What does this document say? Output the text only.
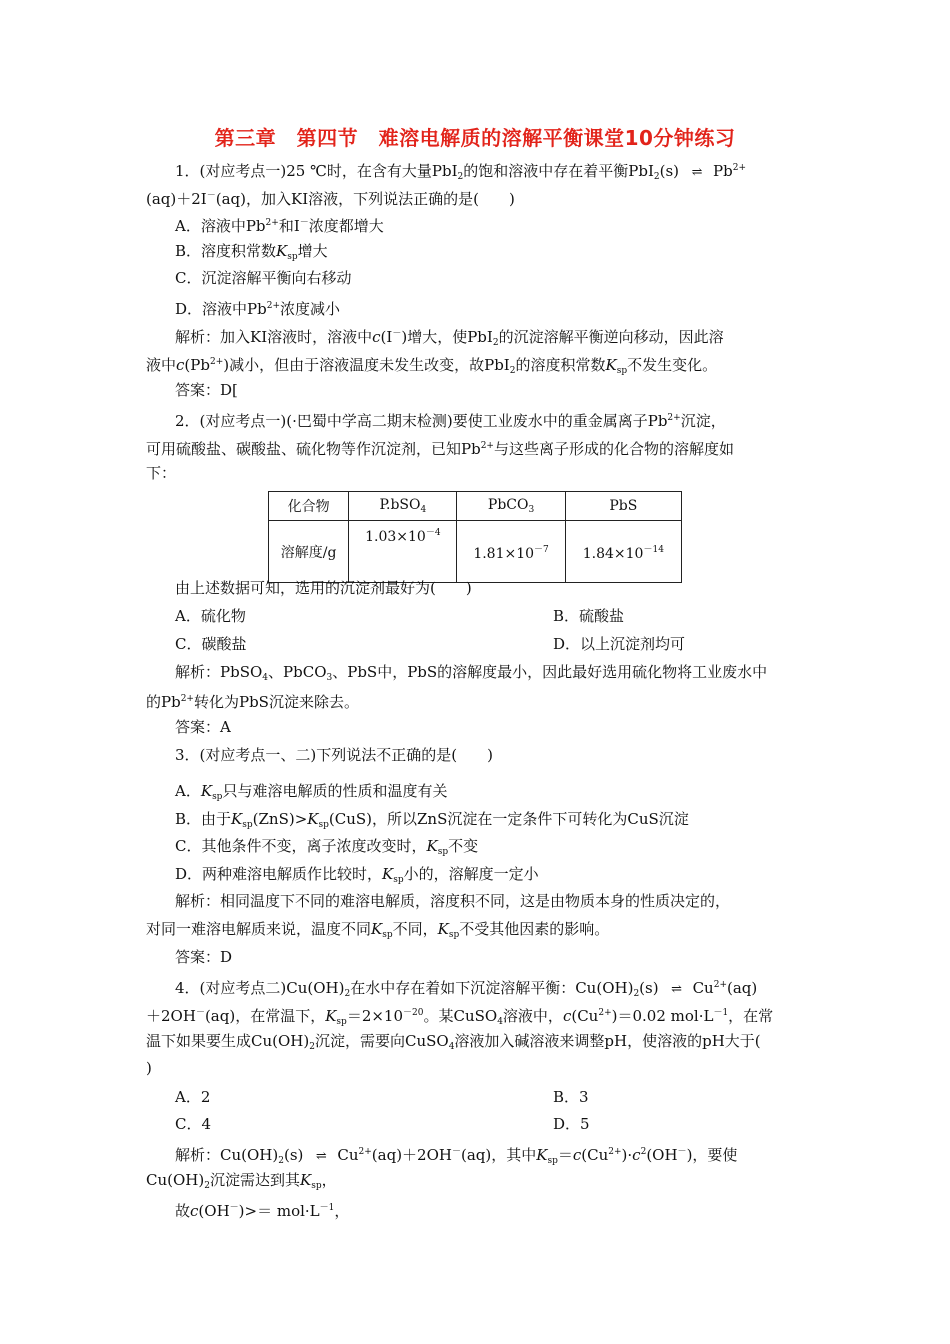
第三章　第四节　难溶电解质的溶解平衡课堂10分钟练习
1．(对应考点一)25 ℃时，在含有大量PbI$_2$的饱和溶液中存在着平衡PbI$_2$(s) ⇌ $Pb^{2+}$
(aq)＋2I－(aq)，加入KI溶液，下列说法正确的是(　　)
A．溶液中$Pb^{2+}$和I－浓度都增大
B．溶度积常数$K_{sp}$增大
C．沉淀溶解平衡向右移动
D．溶液中$Pb^{2+}$浓度减小
解析：加入KI溶液时，溶液中c(I－)增大，使PbI$_2$的沉淀溶解平衡逆向移动，因此溶
液中$c(Pb^{2+})$减小，但由于溶液温度未发生改变，故PbI$_2$的溶度积常数$K_{sp}$不发生变化。
答案：D[
2．(对应考点一)(·巴蜀中学高二期末检测)要使工业废水中的重金属离子$Pb^{2+}$沉淀，
可用硫酸盐、碳酸盐、硫化物等作沉淀剂，已知$Pb^{2+}$与这些离子形成的化合物的溶解度如
下：
化合物	P.bSO$_4$	PbCO$_3$	PbS
溶解度/g	$1.03\times 10^{-4}$	$1.81\times 10^{-7}$	$1.84\times 10^{-14}$
由上述数据可知，选用的沉淀剂最好为(　　)
A．硫化物	B．硫酸盐
C．碳酸盐	D．以上沉淀剂均可
解析：PbSO$_4$、PbCO$_3$、PbS中，PbS的溶解度最小，因此最好选用硫化物将工业废水中
的$Pb^{2+}$转化为PbS沉淀来除去。
答案：A
3．(对应考点一、二)下列说法不正确的是(　　)
A．$K_{sp}$只与难溶电解质的性质和温度有关
B．由于$K_{sp}(ZnS)>K_{sp}(CuS)$，所以ZnS沉淀在一定条件下可转化为CuS沉淀
C．其他条件不变，离子浓度改变时，$K_{sp}$不变
D．两种难溶电解质作比较时，$K_{sp}$小的，溶解度一定小
解析：相同温度下不同的难溶电解质，溶度积不同，这是由物质本身的性质决定的，
对同一难溶电解质来说，温度不同$K_{sp}$不同，$K_{sp}$不受其他因素的影响。
答案：D
4．(对应考点二)$Cu(OH)_2$在水中存在着如下沉淀溶解平衡：$Cu(OH)_2(s)$ ⇌ $Cu^{2+}(aq)$
＋2OH－(aq)，在常温下，$K_{sp}=2\times 10^{-20}$。某CuSO$_4$溶液中，$c(Cu^{2+})=0.02$ $mol\cdot L^{-1}$，在常
温下如果要生成$Cu(OH)_2$沉淀，需要向CuSO$_4$溶液加入碱溶液来调整pH，使溶液的pH大于(
)
A．2	B．3
C．4	D．5
解析：$Cu(OH)_2(s)$ ⇌ $Cu^{2+}(aq)+2OH^-(aq)$，其中$K_{sp}=c(Cu^{2+})\cdot c^2(OH^-)$，要使
$Cu(OH)_2$沉淀需达到其$K_{sp}$，
故$c(OH^-)>= mol\cdot L^{-1}$，
